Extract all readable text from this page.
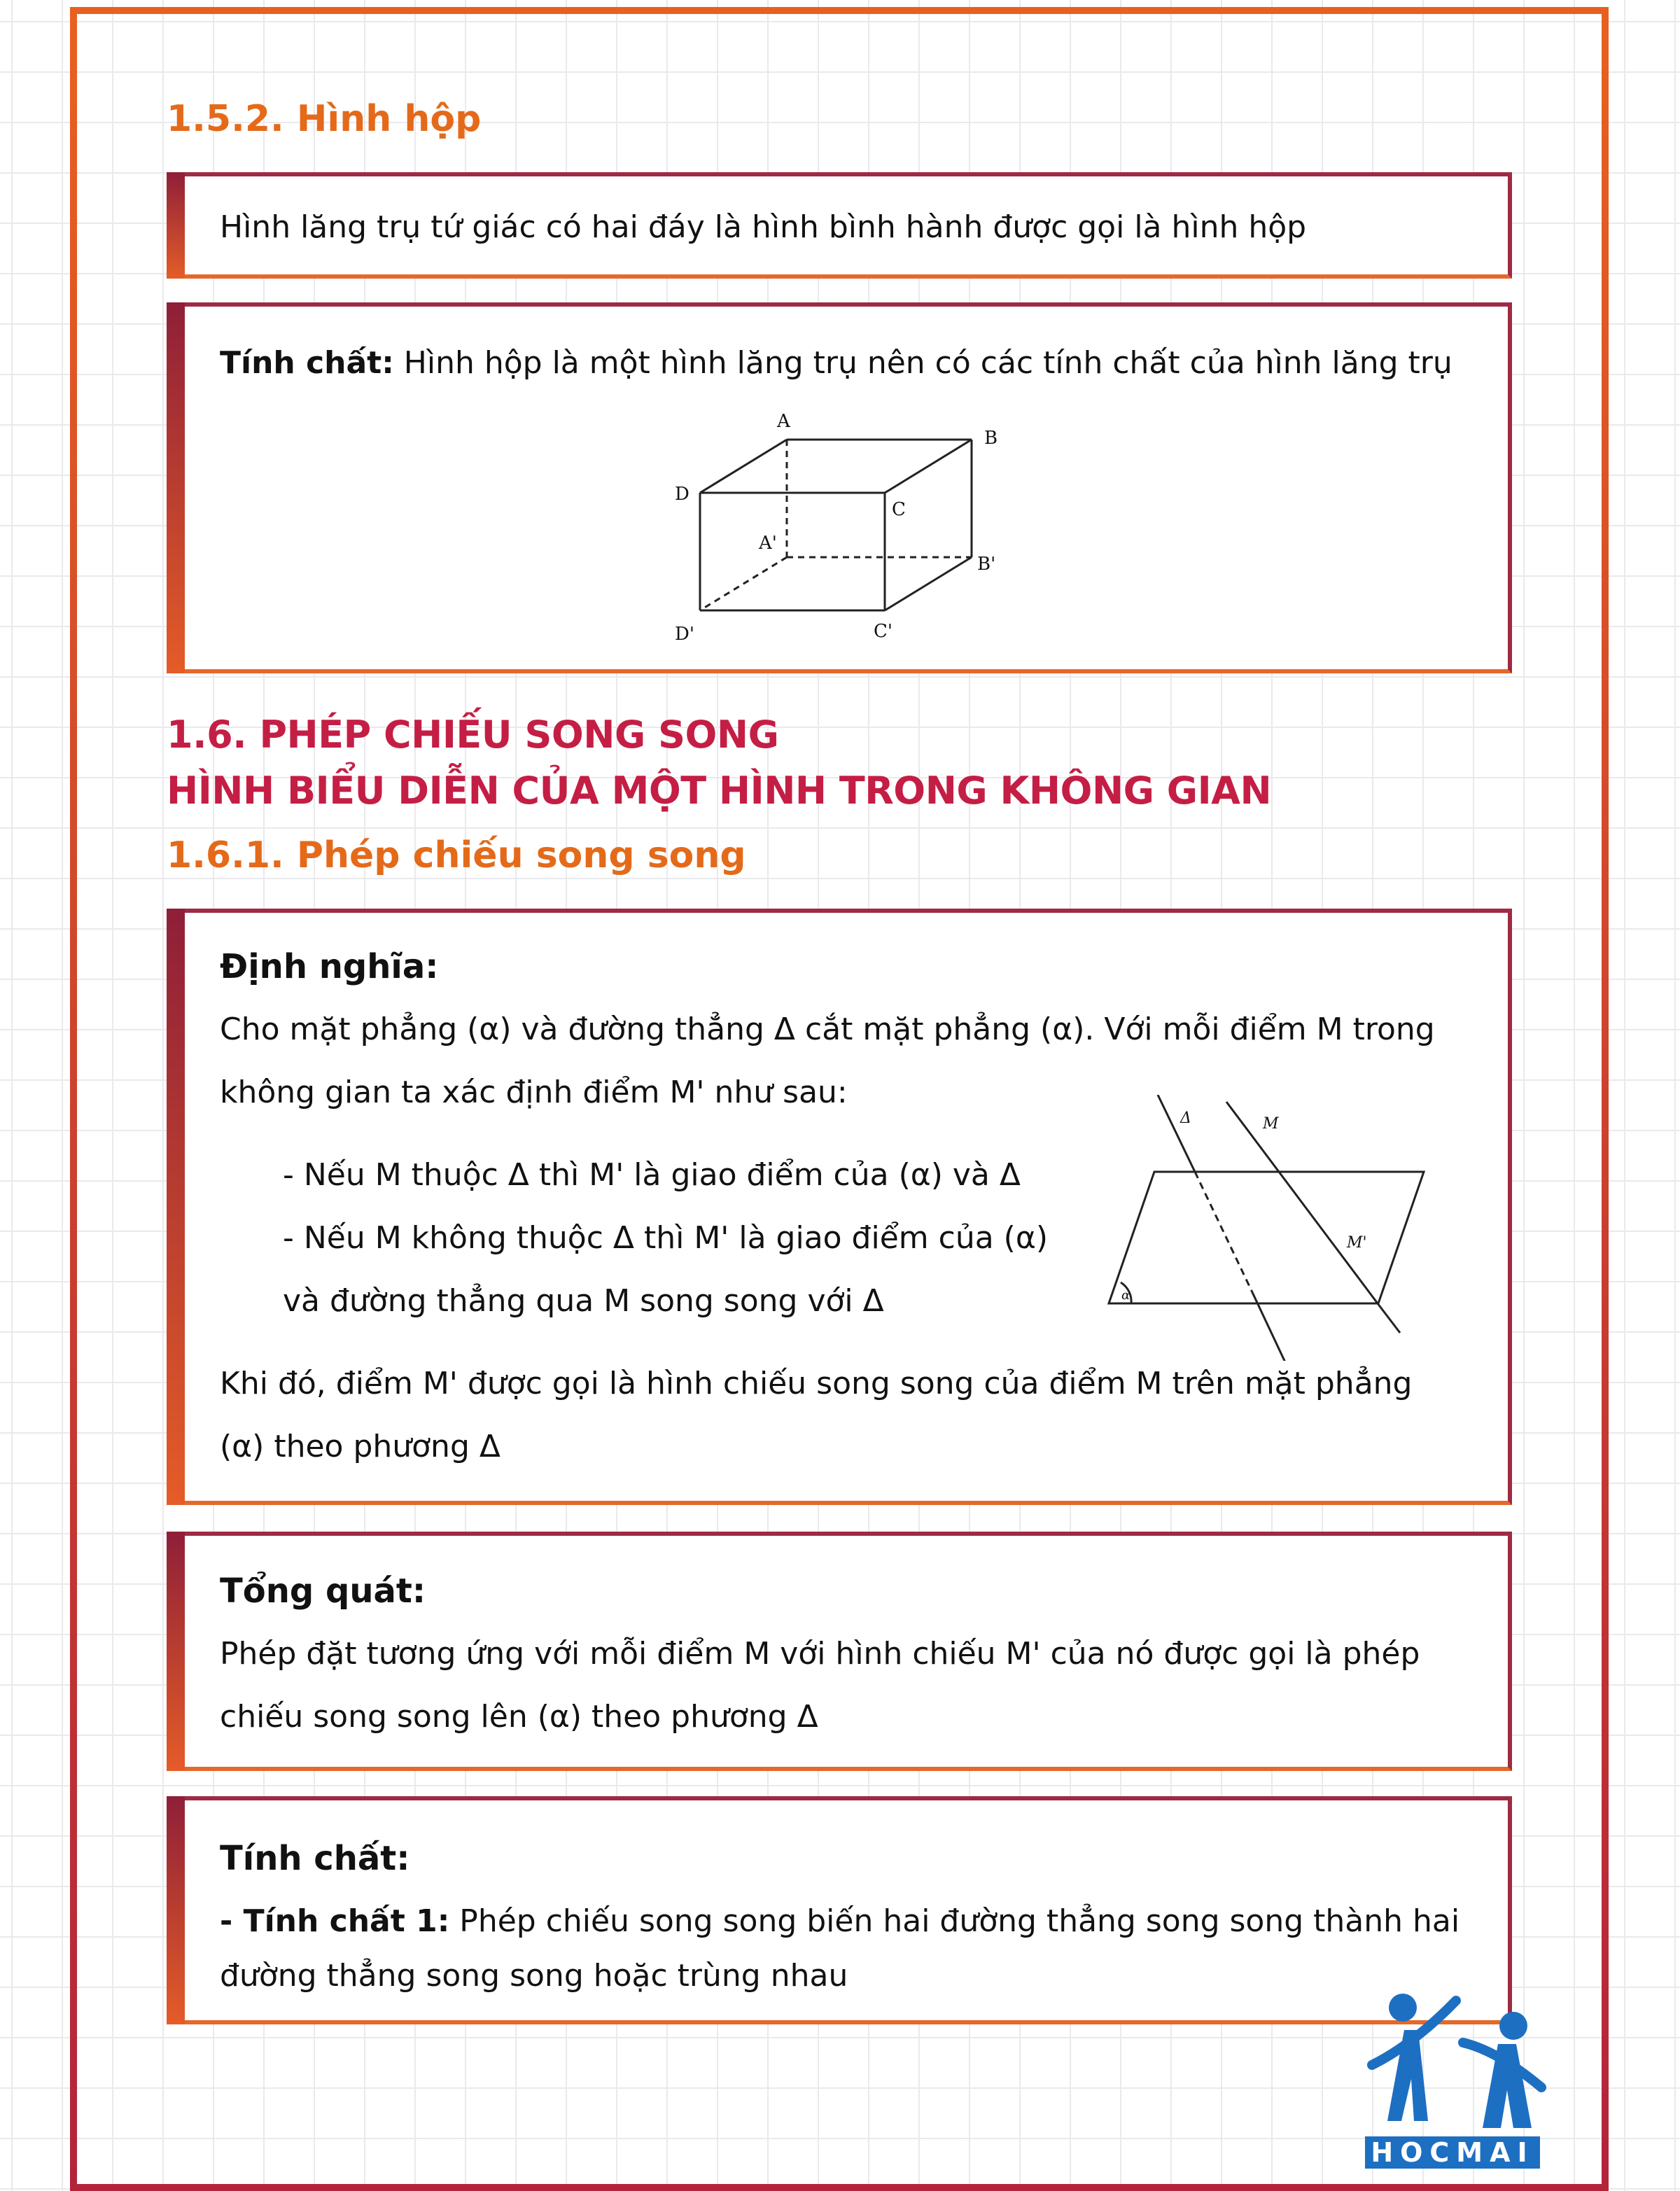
1.5.2. Hình hộp
Hình lăng trụ tứ giác có hai đáy là hình bình hành được gọi là hình hộp
Tính chất: Hình hộp là một hình lăng trụ nên có các tính chất của hình lăng trụ
A
B
C
D
A'
B'
C'
D'
1.6. PHÉP CHIẾU SONG SONG
HÌNH BIỂU DIỄN CỦA MỘT HÌNH TRONG KHÔNG GIAN
1.6.1. Phép chiếu song song
Định nghĩa:
Cho mặt phẳng (α) và đường thẳng Δ cắt mặt phẳng (α). Với mỗi điểm M trong
không gian ta xác định điểm M' như sau:
- Nếu M thuộc Δ thì M' là giao điểm của (α) và Δ
- Nếu M không thuộc Δ thì M' là giao điểm của (α)
và đường thẳng qua M song song với Δ
Khi đó, điểm M' được gọi là hình chiếu song song của điểm M trên mặt phẳng
(α) theo phương Δ
Δ	M
M'
α
Tổng quát:
Phép đặt tương ứng với mỗi điểm M với hình chiếu M' của nó được gọi là phép
chiếu song song lên (α) theo phương Δ
Tính chất:
- Tính chất 1: Phép chiếu song song biến hai đường thẳng song song thành hai
đường thẳng song song hoặc trùng nhau
HOCMAI
